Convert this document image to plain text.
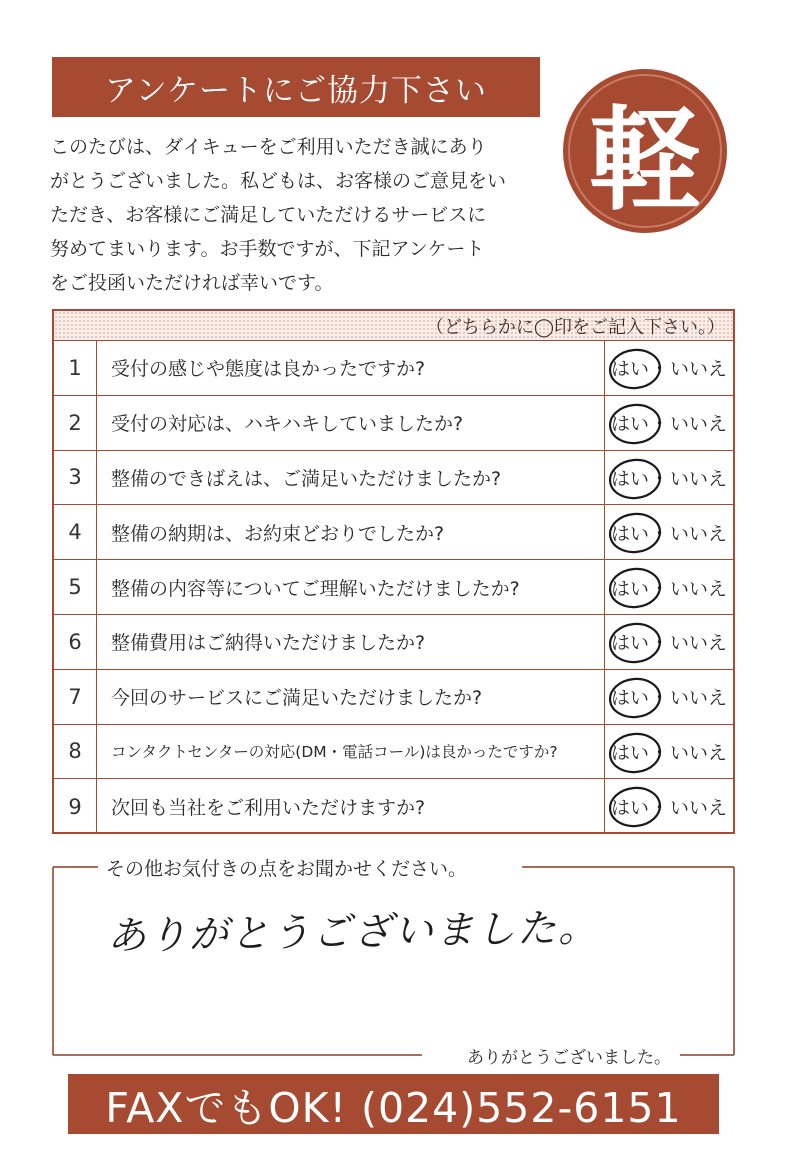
アンケートにご協力下さい
このたびは、ダイキューをご利用いただき誠にあり
がとうございました。私どもは、お客様のご意見をい
ただき、お客様にご満足していただけるサービスに
努めてまいります。お手数ですが、下記アンケート
をご投函いただければ幸いです。
軽
（どちらかに◯印をご記入下さい。）
1	受付の感じや態度は良かったですか?	はい ・ いいえ
2	受付の対応は、ハキハキしていましたか?	はい ・ いいえ
3	整備のできばえは、ご満足いただけましたか?	はい ・ いいえ
4	整備の納期は、お約束どおりでしたか?	はい ・ いいえ
5	整備の内容等についてご理解いただけましたか?	はい ・ いいえ
6	整備費用はご納得いただけましたか?	はい ・ いいえ
7	今回のサービスにご満足いただけましたか?	はい ・ いいえ
8	コンタクトセンターの対応(DM・電話コール)は良かったですか?	はい ・ いいえ
9	次回も当社をご利用いただけますか?	はい ・ いいえ
その他お気付きの点をお聞かせください。
ありがとうございました。
ありがとうございました。
FAXでもOK! (024)552-6151
